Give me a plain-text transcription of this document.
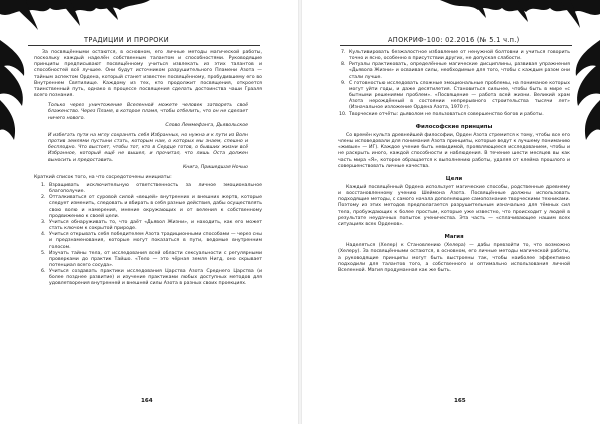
ТРАДИЦИИ И ПРОРОКИ

За посвящёнными остаются, в основном, его личные методы магической работы, поскольку каждый наделён собственным талантом и способностями. Руководящие принципы предписывают посвящённому учиться извлекать из этих талантов и способностей всё лучшее. Они будут источником разрушительного Пламени Азота — тайным аспектом Ордена, который станет известен посвящённому, пробудившему его во Внутреннем Святилище. Каждому из тех, кто продолжит посвящения, откроется таинственный путь, однако в процессе посвящения сделать достоинства чаши Грааля всего познания.

Только через уничтожение Вселенной можете человек затворять своё блаженство. Через Пламя, в которое пламя, чтобы отбелить, что он не сделает ничего нового.

Слово Леммефанга, Дьявольское

И избегать пути на мглу сохранять себя Избранных, но нужна и к пути из Волн против землями пустыни стать, которым нам, о которых мы знаем, спешно и бесплодно. Что выстоят, чтобы тот, кто в Сердце готов, о бывших жизни всё Избранное, который ещё не вышел, и прочитал, что лишь Оста должен выносить и предоставить.

Книга, Пришедшая Ночью

Краткий список того, на что сосредоточены инициаты:

1. Взращивать исключительную ответственность за личное эмоциональное благополучие.
2. Отталкиваться от суровой силой «вещей» внутренних и внешних жертв, которые следует изменить, следовать и вбирать в себя разные действия, дабы осуществлять свою волю и намерения, мнение окружающих и от веления к собственному продвижению к своей цели.
3. Учиться обнаруживать то, что даёт «Дьявол Жизни», и находить, как его может стать ключом к сокрытой природе.
4. Учиться открывать себя победителем Азота традиционными способами — через сны и предзнаменования, которые могут показаться в пути, ведомые внутренним голосом.
5. Изучать тайны тела, от исследования всей области сексуальности с регулярными проверками до практик Тайшо. «Тело — это чёрная земля Нигд, оно скрывает потенциал всего сосуда».
6. Учиться создавать практики исследования Царства Азота Среднего Царства (и более позднее развитие) и изучение практиками любых доступных методов для удовлетворения внутренней и внешней силы Азота в разных своих проекциях.
164
АПОКРИФ-100: 02.2016 (№ 5.1 ч.п.)
7. Культивировать безжалостное избавление от ненужной болтовни и учиться говорить точно и ясно, особенно в присутствии других, не допуская слабости.
8. Ритуалы практиковать, определённые магические дисциплины, развивая упражнения «Дьявола Жизни» и осваивая силы, необходимые для того, чтобы с каждым разом они стали лучше.
9. С готовностью исследовать сложные эмоциональные проблемы, на пониманое которых могут уйти годы, и даже десятилетия. Становиться сильнее, чтобы быть в мире «с бытными решениями проблем». «Посвящение — работа всей жизни. Великий храм Азота нерождённый в состоянии непрерывного строительства тысячи лет» (Изначальное изложение Ордена Азота, 1970 г).
10. Творческие отчёты: дьяволом не пользоваться совершенство богов и работы.

Философские принципы

Со времён культа древнейшей философии, Орден Азота стремится к тому, чтобы все его члены исповедовали для понимания Азота принципы, которые ведут к лучшему пониманию «живые» — ИГ). Каждое учение быть невидимой, проявляющееся исследованием, чтобы и не раскрыть иного, каждой способности и наблюдения. В течение шести месяцев вы как часть мира «Я», которое обращается к выполнению работы, удаляя от клейма прошлого и совершенствовать личные качества.

Цели

Каждый посвящённый Ордена использует магические способы, родственные древнему и восстановленному учению Шеймона Азота. Посвящённые должны использовать подходящие методы, с самого начала дополняющие самопознание творческими техниками. Поэтому из этих методов предполагается разрушительным изначально для тёмных сил тела, пробуждающих к более простым, которые уже известно, что происходит у людей в результате неудачных попыток ученичества. Эта часть — «сплачивающее нашим всех ситуациях всех Орденов».

Магия

Наделяться (Хелер) к Становлению (Хелера) — дабы превзойти то, что возможно (Хелеру). За посвящёнными остаются, в основном, его личные методы магической работы, а руководящие принципы могут быть выстроены так, чтобы наиболее эффективно подходили для талантов того, а собственного и оптимально использования личной Вселенной. Магия продуманная как же быть.

165
